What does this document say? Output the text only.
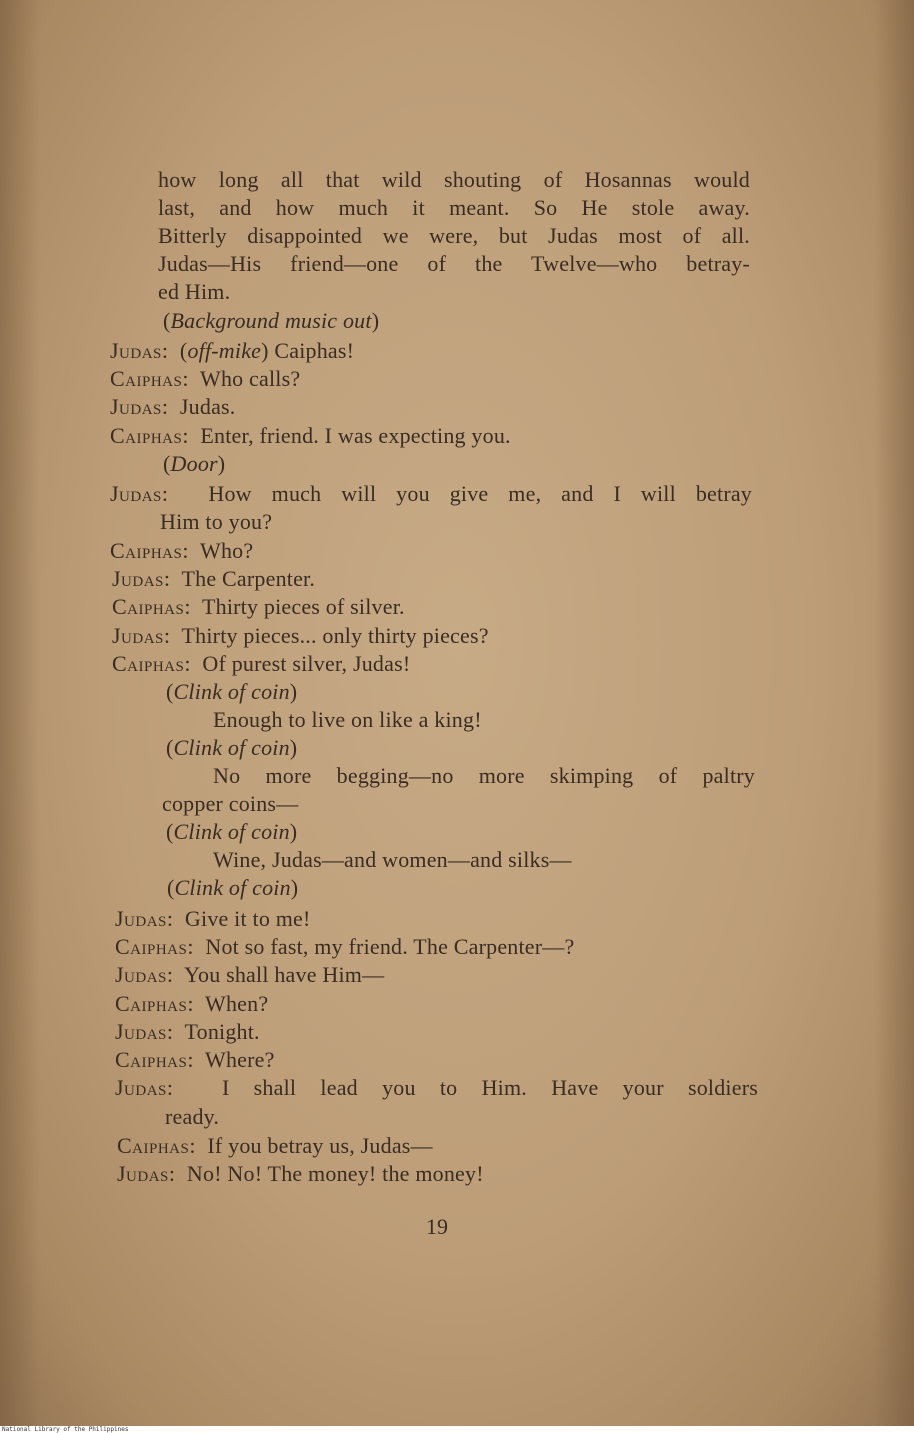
how long all that wild shouting of Hosannas would
last, and how much it meant. So He stole away.
Bitterly disappointed we were, but Judas most of all.
Judas—His friend—one of the Twelve—who betray-
ed Him.
(Background music out)
Judas: (off-mike) Caiphas!
Caiphas: Who calls?
Judas: Judas.
Caiphas: Enter, friend. I was expecting you.
(Door)
Judas: How much will you give me, and I will betray
Him to you?
Caiphas: Who?
Judas: The Carpenter.
Caiphas: Thirty pieces of silver.
Judas: Thirty pieces... only thirty pieces?
Caiphas: Of purest silver, Judas!
(Clink of coin)
Enough to live on like a king!
(Clink of coin)
No more begging—no more skimping of paltry
copper coins—
(Clink of coin)
Wine, Judas—and women—and silks—
(Clink of coin)
Judas: Give it to me!
Caiphas: Not so fast, my friend. The Carpenter—?
Judas: You shall have Him—
Caiphas: When?
Judas: Tonight.
Caiphas: Where?
Judas: I shall lead you to Him. Have your soldiers
ready.
Caiphas: If you betray us, Judas—
Judas: No! No! The money! the money!
19
National Library of the Philippines
